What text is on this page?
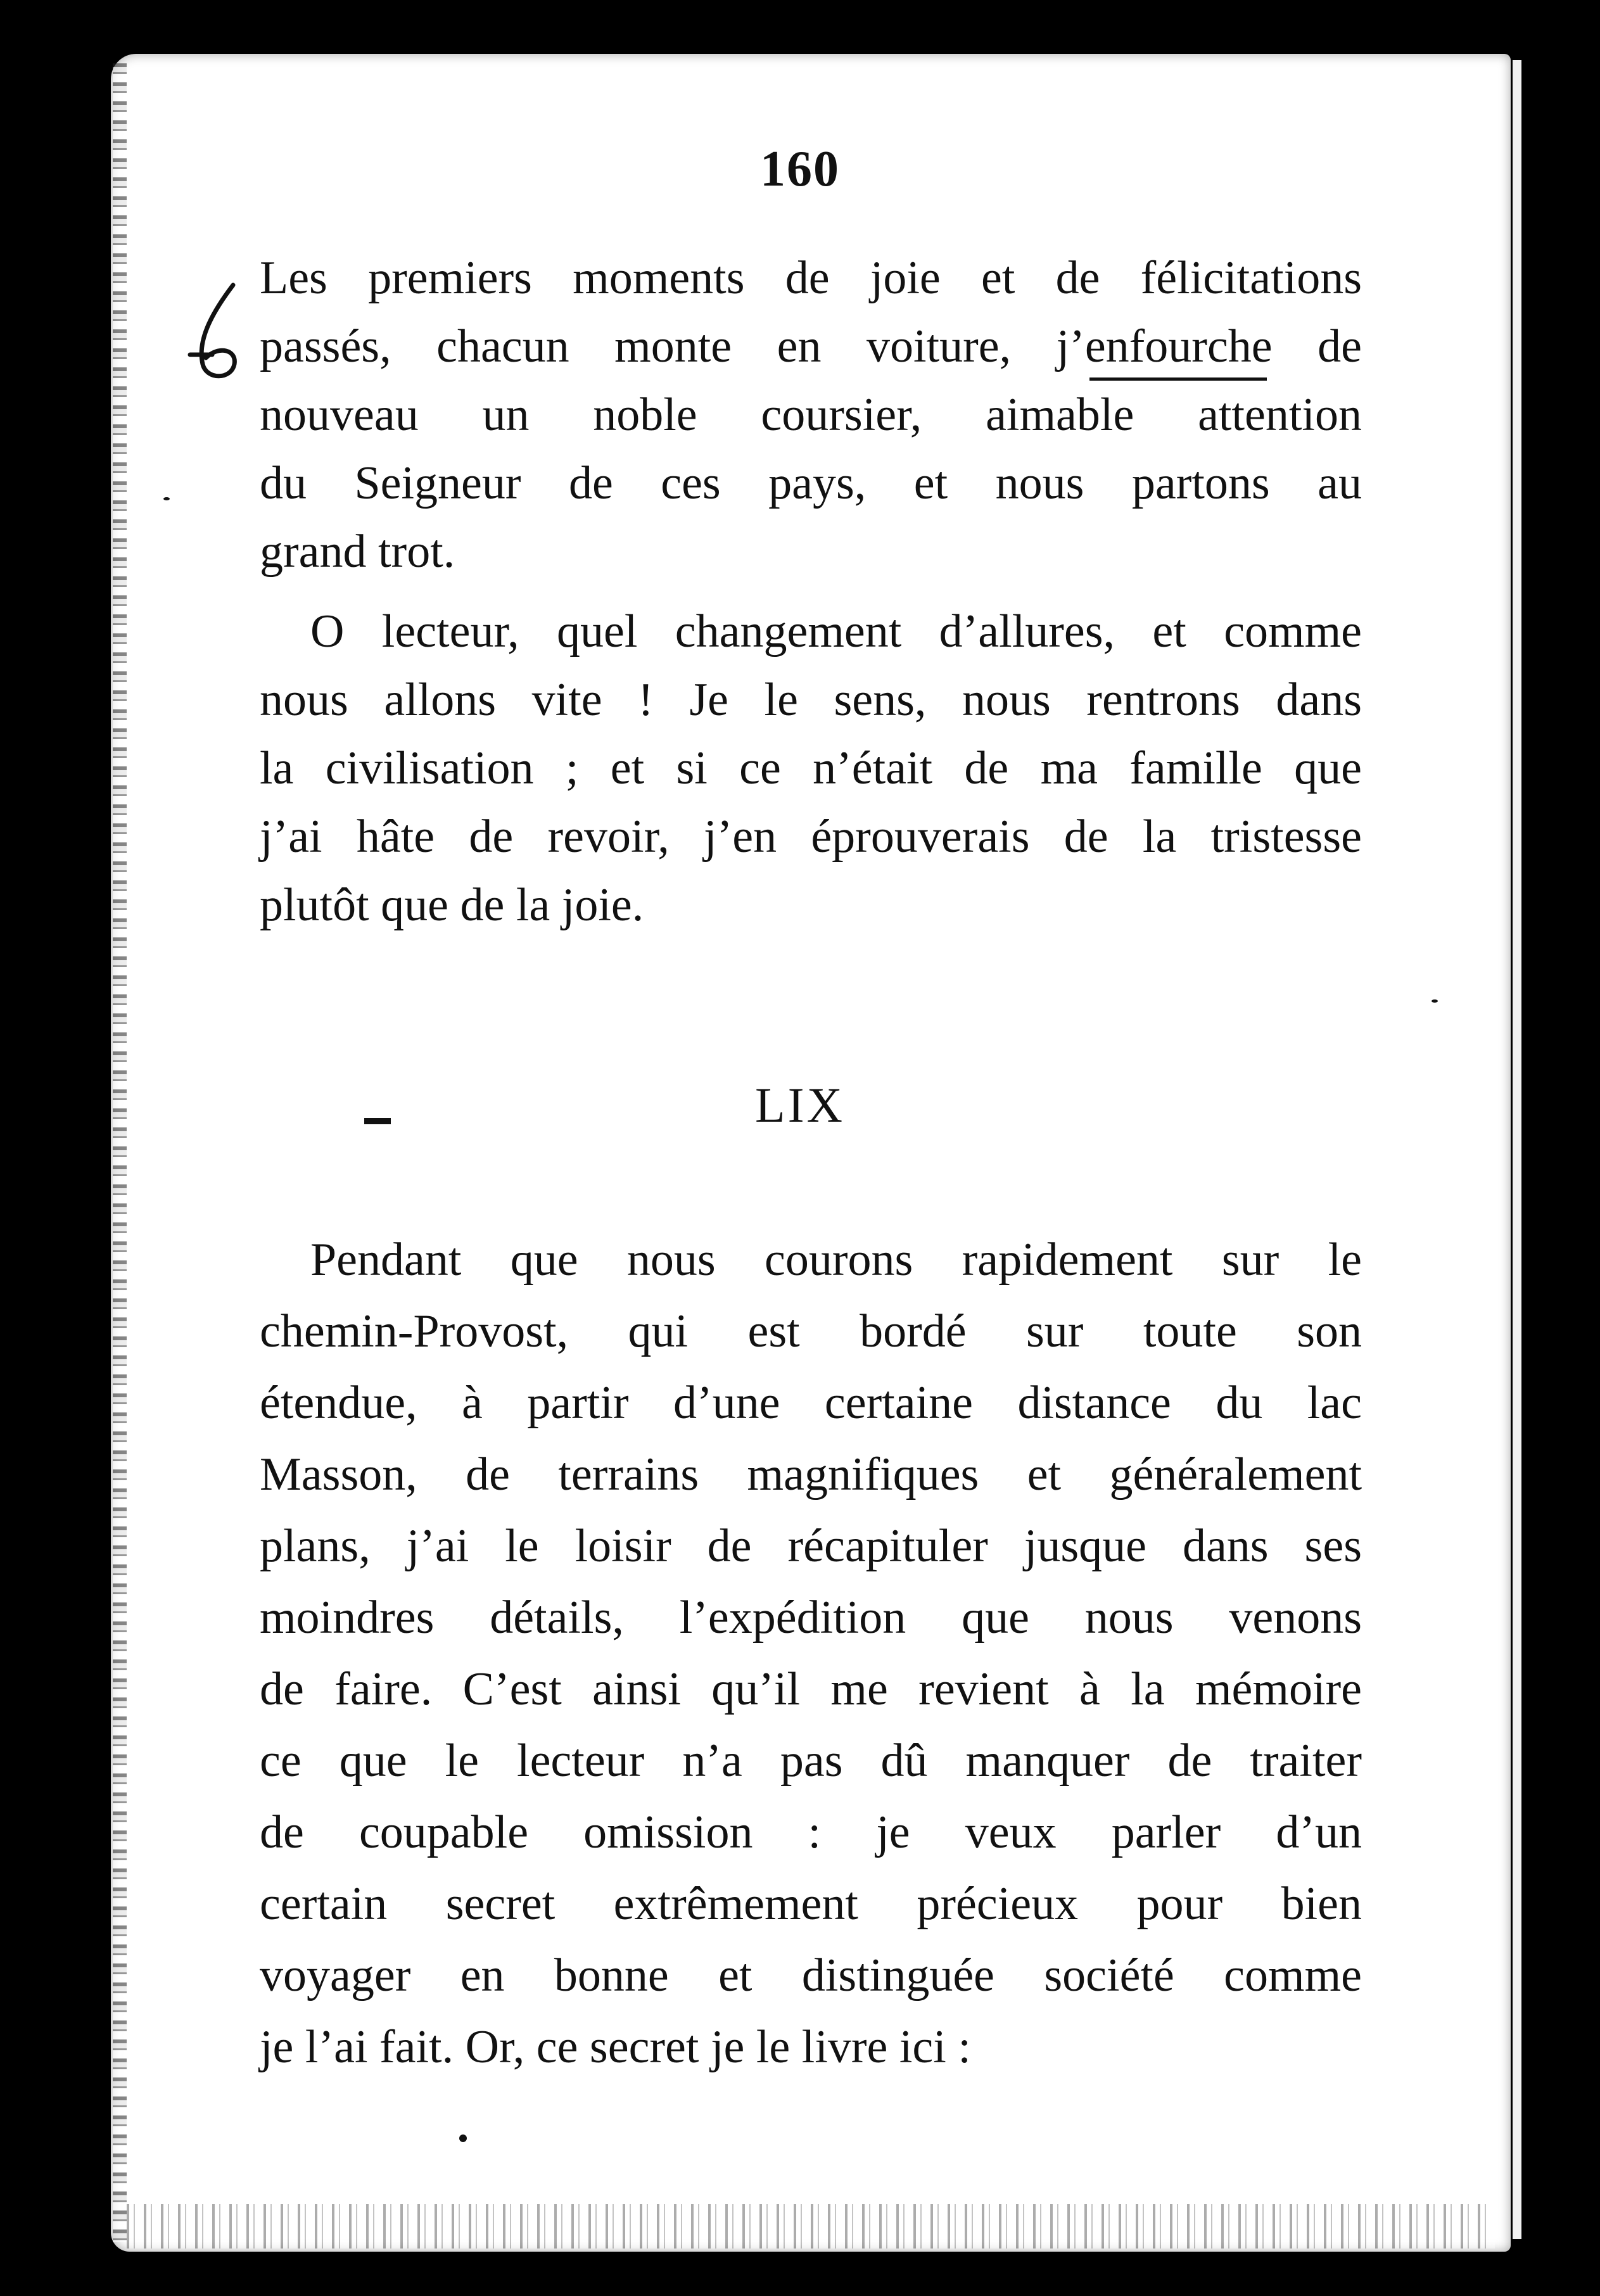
160
Les premiers moments de joie et de félicitations
passés, chacun monte en voiture, j’enfourche de
nouveau un noble coursier, aimable attention
du Seigneur de ces pays, et nous partons au
grand trot.
O lecteur, quel changement d’allures, et comme
nous allons vite ! Je le sens, nous rentrons dans
la civilisation ; et si ce n’était de ma famille que
j’ai hâte de revoir, j’en éprouverais de la tristesse
plutôt que de la joie.
LIX
Pendant que nous courons rapidement sur le
chemin-Provost, qui est bordé sur toute son
étendue, à partir d’une certaine distance du lac
Masson, de terrains magnifiques et généralement
plans, j’ai le loisir de récapituler jusque dans ses
moindres détails, l’expédition que nous venons
de faire. C’est ainsi qu’il me revient à la mémoire
ce que le lecteur n’a pas dû manquer de traiter
de coupable omission : je veux parler d’un
certain secret extrêmement précieux pour bien
voyager en bonne et distinguée société comme
je l’ai fait. Or, ce secret je le livre ici :
